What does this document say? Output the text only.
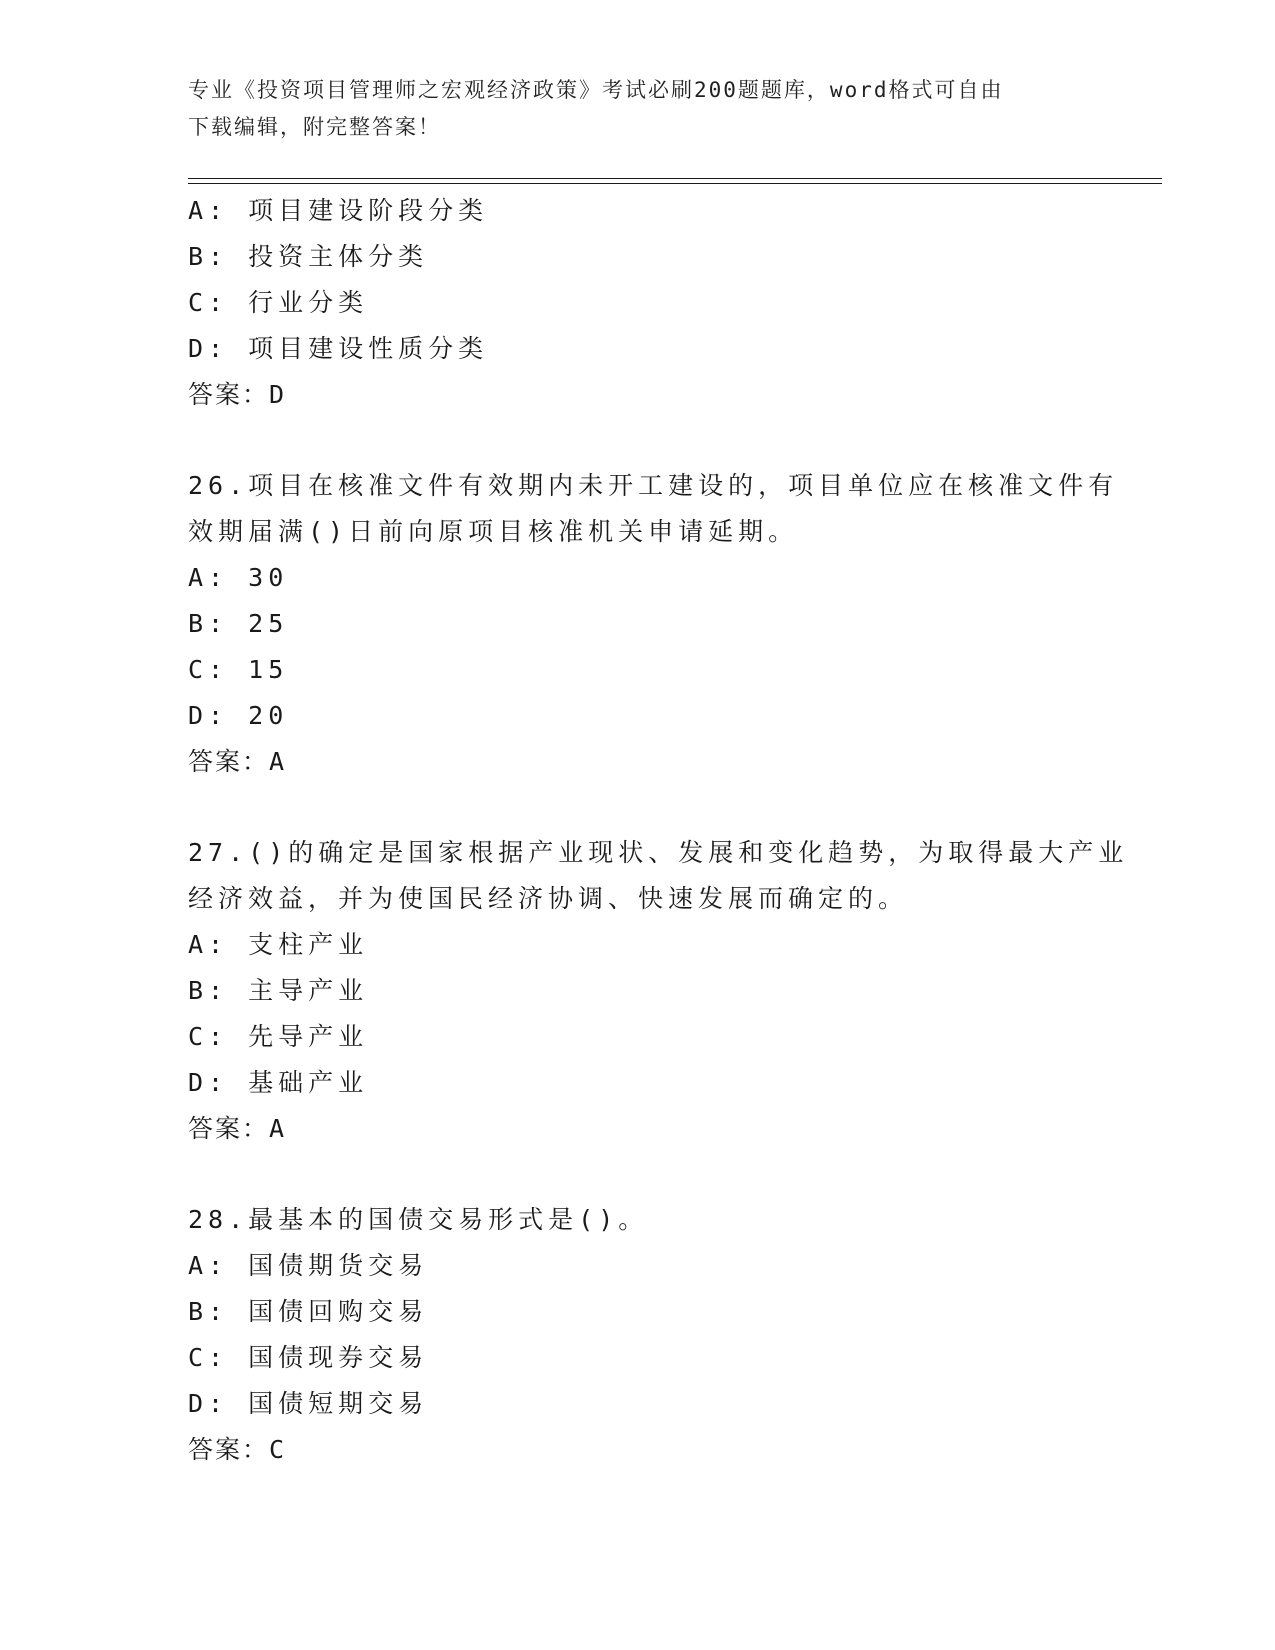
专业《投资项目管理师之宏观经济政策》考试必刷200题题库，word格式可自由
下载编辑，附完整答案！
A: 项目建设阶段分类
B: 投资主体分类
C: 行业分类
D: 项目建设性质分类
答案：D
26.项目在核准文件有效期内未开工建设的，项目单位应在核准文件有
效期届满()日前向原项目核准机关申请延期。
A: 30
B: 25
C: 15
D: 20
答案：A
27.()的确定是国家根据产业现状、发展和变化趋势，为取得最大产业
经济效益，并为使国民经济协调、快速发展而确定的。
A: 支柱产业
B: 主导产业
C: 先导产业
D: 基础产业
答案：A
28.最基本的国债交易形式是()。
A: 国债期货交易
B: 国债回购交易
C: 国债现券交易
D: 国债短期交易
答案：C
